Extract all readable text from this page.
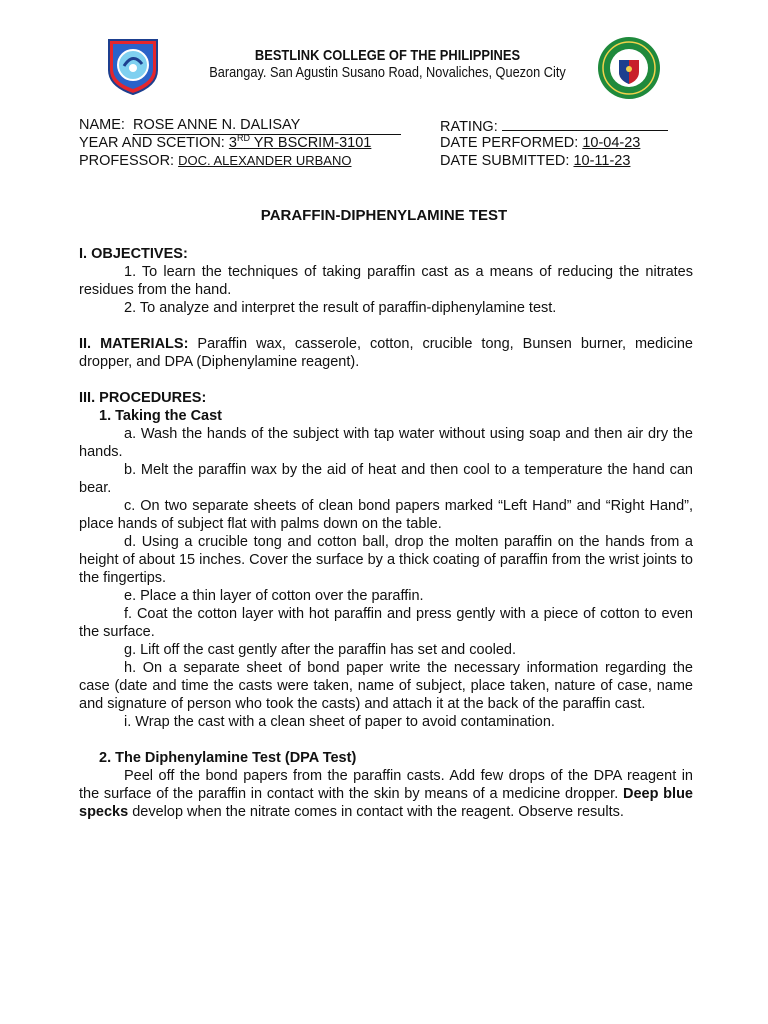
BESTLINK COLLEGE OF THE PHILIPPINES
Barangay. San Agustin Susano Road, Novaliches, Quezon City
NAME: ROSE ANNE N. DALISAY
YEAR AND SCETION: 3RD YR BSCRIM-3101
PROFESSOR: DOC. ALEXANDER URBANO
RATING:
DATE PERFORMED: 10-04-23
DATE SUBMITTED: 10-11-23
PARAFFIN-DIPHENYLAMINE TEST

I. OBJECTIVES:

1. To learn the techniques of taking paraffin cast as a means of reducing the nitrates residues from the hand.

2. To analyze and interpret the result of paraffin-diphenylamine test.

II. MATERIALS: Paraffin wax, casserole, cotton, crucible tong, Bunsen burner, medicine dropper, and DPA (Diphenylamine reagent).

III. PROCEDURES:

1. Taking the Cast

a. Wash the hands of the subject with tap water without using soap and then air dry the hands.

b. Melt the paraffin wax by the aid of heat and then cool to a temperature the hand can bear.

c. On two separate sheets of clean bond papers marked “Left Hand” and “Right Hand”, place hands of subject flat with palms down on the table.

d. Using a crucible tong and cotton ball, drop the molten paraffin on the hands from a height of about 15 inches. Cover the surface by a thick coating of paraffin from the wrist joints to the fingertips.

e. Place a thin layer of cotton over the paraffin.

f. Coat the cotton layer with hot paraffin and press gently with a piece of cotton to even the surface.

g. Lift off the cast gently after the paraffin has set and cooled.

h. On a separate sheet of bond paper write the necessary information regarding the case (date and time the casts were taken, name of subject, place taken, nature of case, name and signature of person who took the casts) and attach it at the back of the paraffin cast.

i. Wrap the cast with a clean sheet of paper to avoid contamination.

2. The Diphenylamine Test (DPA Test)

Peel off the bond papers from the paraffin casts. Add few drops of the DPA reagent in the surface of the paraffin in contact with the skin by means of a medicine dropper. Deep blue specks develop when the nitrate comes in contact with the reagent. Observe results.
